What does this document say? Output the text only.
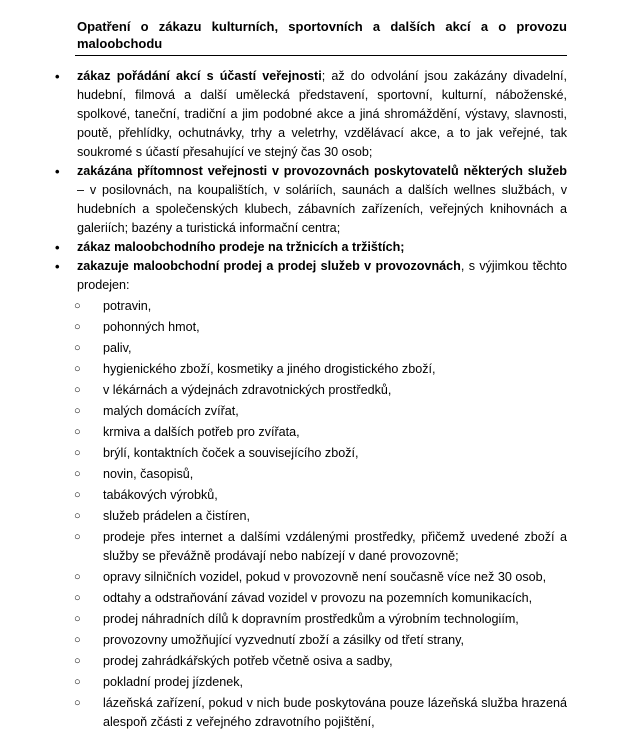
Opatření o zákazu kulturních, sportovních a dalších akcí a o provozu maloobchodu
•	zákaz pořádání akcí s účastí veřejnosti; až do odvolání jsou zakázány divadelní, hudební, filmová a další umělecká představení, sportovní, kulturní, náboženské, spolkové, taneční, tradiční a jim podobné akce a jiná shromáždění, výstavy, slavnosti, poutě, přehlídky, ochutnávky, trhy a veletrhy, vzdělávací akce, a to jak veřejné, tak soukromé s účastí přesahující ve stejný čas 30 osob;
•	zakázána přítomnost veřejnosti v provozovnách poskytovatelů některých služeb – v posilovnách, na koupalištích, v soláriích, saunách a dalších wellnes službách, v hudebních a společenských klubech, zábavních zařízeních, veřejných knihovnách a galeriích; bazény a turistická informační centra;
•	zákaz maloobchodního prodeje na tržnicích a tržištích;
•	zakazuje maloobchodní prodej a prodej služeb v provozovnách, s výjimkou těchto prodejen:
○ potravin,
○ pohonných hmot,
○ paliv,
○ hygienického zboží, kosmetiky a jiného drogistického zboží,
○ v lékárnách a výdejnách zdravotnických prostředků,
○ malých domácích zvířat,
○ krmiva a dalších potřeb pro zvířata,
○ brýlí, kontaktních čoček a souvisejícího zboží,
○ novin, časopisů,
○ tabákových výrobků,
○ služeb prádelen a čistíren,
○ prodeje přes internet a dalšími vzdálenými prostředky, přičemž uvedené zboží a služby se převážně prodávají nebo nabízejí v dané provozovně;
○ opravy silničních vozidel, pokud v provozovně není současně více než 30 osob,
○ odtahy a odstraňování závad vozidel v provozu na pozemních komunikacích,
○ prodej náhradních dílů k dopravním prostředkům a výrobním technologiím,
○ provozovny umožňující vyzvednutí zboží a zásilky od třetí strany,
○ prodej zahrádkářských potřeb včetně osiva a sadby,
○ pokladní prodej jízdenek,
○ lázeňská zařízení, pokud v nich bude poskytována pouze lázeňská služba hrazená alespoň zčásti z veřejného zdravotního pojištění,
